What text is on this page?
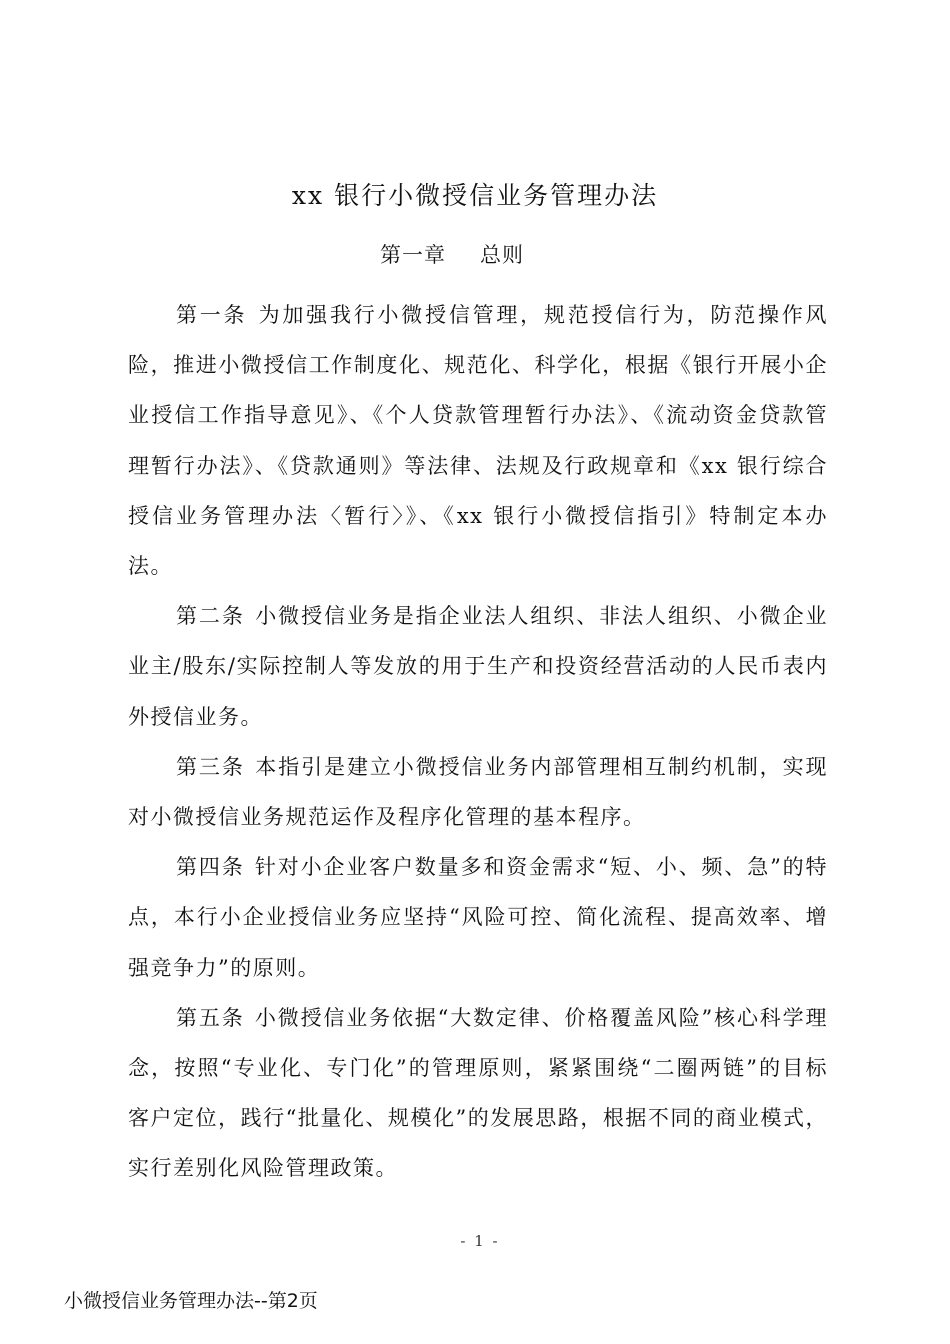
xx 银行小微授信业务管理办法
第一章 总则

第一条 为加强我行小微授信管理，规范授信行为，防范操作风险，推进小微授信工作制度化、规范化、科学化，根据《银行开展小企业授信工作指导意见》、《个人贷款管理暂行办法》、《流动资金贷款管理暂行办法》、《贷款通则》等法律、法规及行政规章和《xx 银行综合授信业务管理办法〈暂行〉》、《xx 银行小微授信指引》特制定本办法。

第二条 小微授信业务是指企业法人组织、非法人组织、小微企业业主/股东/实际控制人等发放的用于生产和投资经营活动的人民币表内外授信业务。

第三条 本指引是建立小微授信业务内部管理相互制约机制，实现对小微授信业务规范运作及程序化管理的基本程序。

第四条 针对小企业客户数量多和资金需求“短、小、频、急”的特点，本行小企业授信业务应坚持“风险可控、简化流程、提高效率、增强竞争力”的原则。

第五条 小微授信业务依据“大数定律、价格覆盖风险”核心科学理念，按照“专业化、专门化”的管理原则，紧紧围绕“二圈两链”的目标客户定位，践行“批量化、规模化”的发展思路，根据不同的商业模式，实行差别化风险管理政策。

- 1 -
小微授信业务管理办法--第2页
